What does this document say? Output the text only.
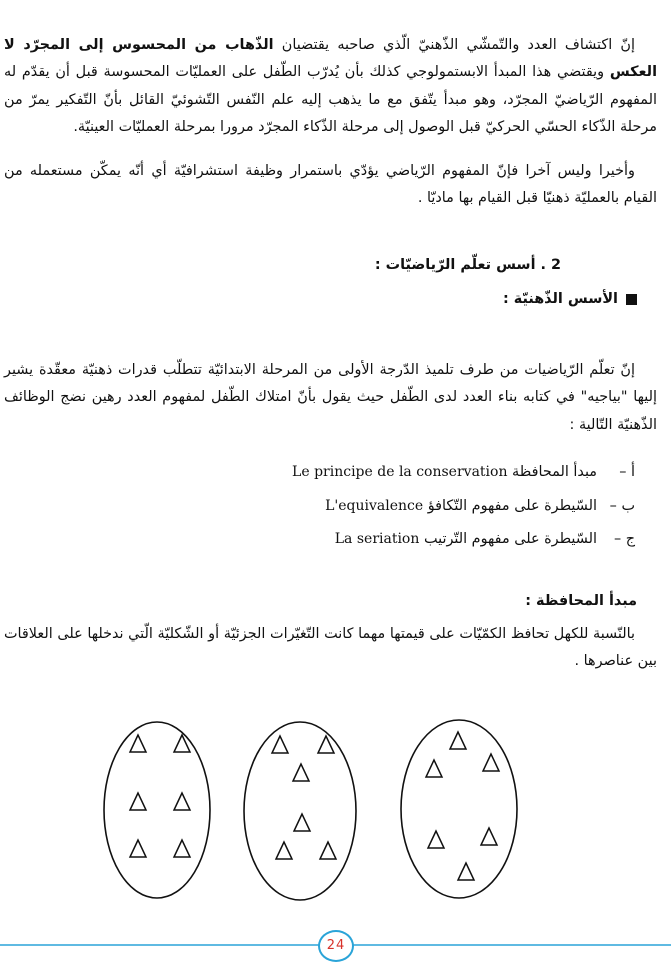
إنّ اكتشاف العدد والتّمشّي الذّهنيّ الّذي صاحبه يقتضيان الذّهاب من المحسوس إلى المجرّد لا العكس ويقتضي هذا المبدأ الابستمولوجي كذلك بأن يُدرّب الطّفل على العمليّات المحسوسة قبل أن يقدّم له المفهوم الرّياضيّ المجرّد، وهو مبدأ يتّفق مع ما يذهب إليه علم النّفس التّشوئيّ القائل بأنّ التّفكير يمرّ من مرحلة الذّكاء الحسّي الحركيّ قبل الوصول إلى مرحلة الذّكاء المجرّد مرورا بمرحلة العمليّات العينيّة.

وأخيرا وليس آخرا فإنّ المفهوم الرّياضي يؤدّي باستمرار وظيفة استشرافيّة أي أنّه يمكّن مستعمله من القيام بالعمليّة ذهنيّا قبل القيام بها ماديّا .

2 . أسس تعلّم الرّياضيّات :
الأسس الذّهنيّة :

إنّ تعلّم الرّياضيات من طرف تلميذ الدّرجة الأولى من المرحلة الابتدائيّة تتطلّب قدرات ذهنيّة معقّدة يشير إليها "بياجيه" في كتابه بناء العدد لدى الطّفل حيث يقول بأنّ امتلاك الطّفل لمفهوم العدد رهين نضج الوظائف الذّهنيّة التّالية :

أ –مبدأ المحافظة Le principe de la conservation
ب –السّيطرة على مفهوم التّكافؤ L'equivalence
ج –السّيطرة على مفهوم التّرتيب La seriation
مبدأ المحافظة :

بالنّسبة للكهل تحافظ الكمّيّات على قيمتها مهما كانت التّغيّرات الجزئيّة أو الشّكليّة الّتي ندخلها على العلاقات بين عناصرها .

24
